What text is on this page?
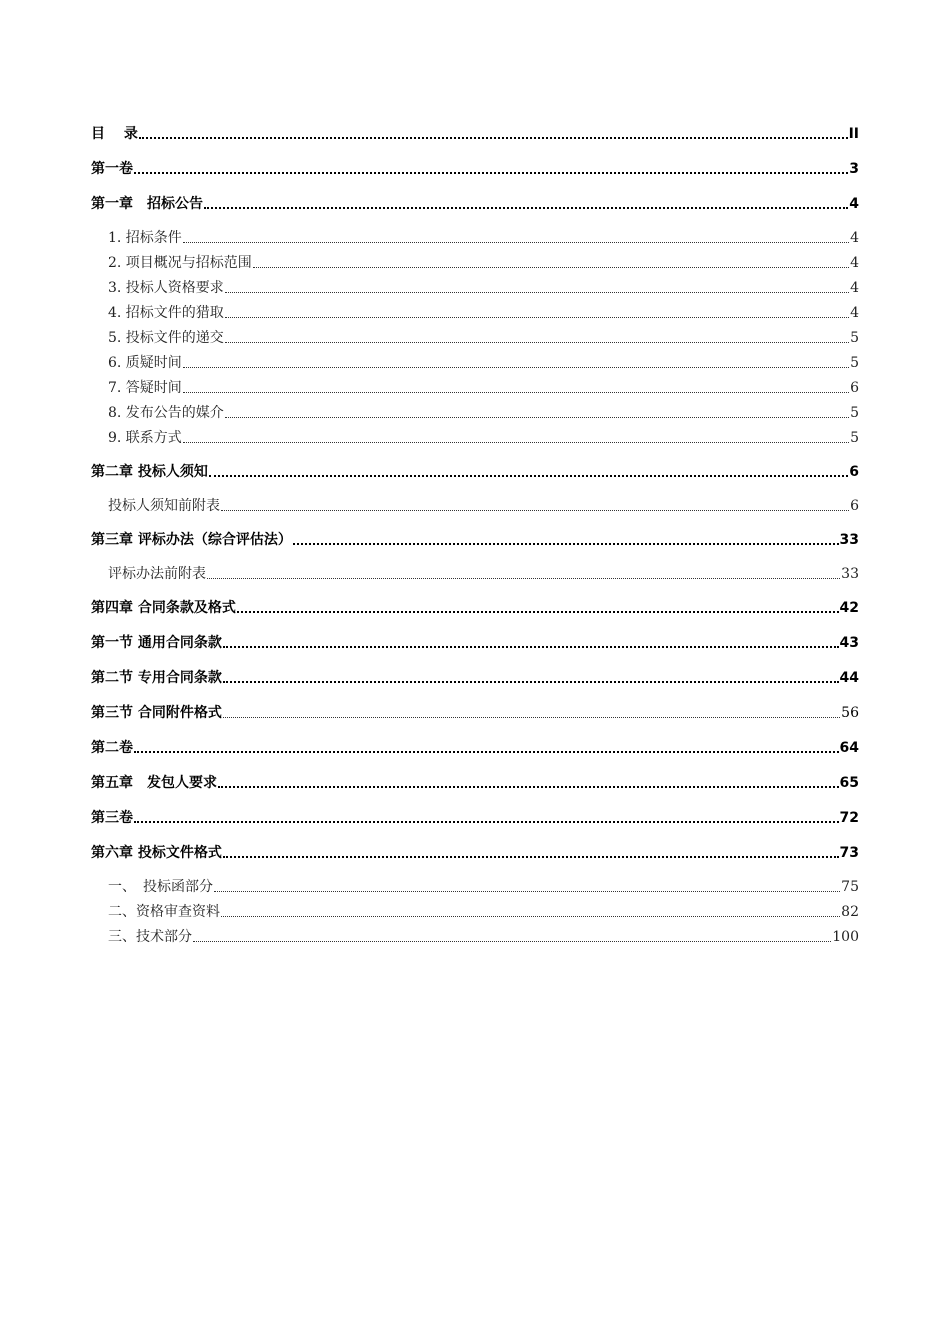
目　 录	II
第一卷	3
第一章　招标公告	4
1. 招标条件	4
2. 项目概况与招标范围	4
3. 投标人资格要求	4
4. 招标文件的猎取	4
5. 投标文件的递交	5
6. 质疑时间	5
7. 答疑时间	6
8. 发布公告的媒介	5
9. 联系方式	5
第二章 投标人须知	6
投标人须知前附表	6
第三章 评标办法（综合评估法）	33
评标办法前附表	33
第四章 合同条款及格式	42
第一节 通用合同条款	43
第二节 专用合同条款	44
第三节 合同附件格式	56
第二卷	64
第五章　发包人要求	65
第三卷	72
第六章 投标文件格式	73
一、　投标函部分	75
二、资格审查资料	82
三、技术部分	100
